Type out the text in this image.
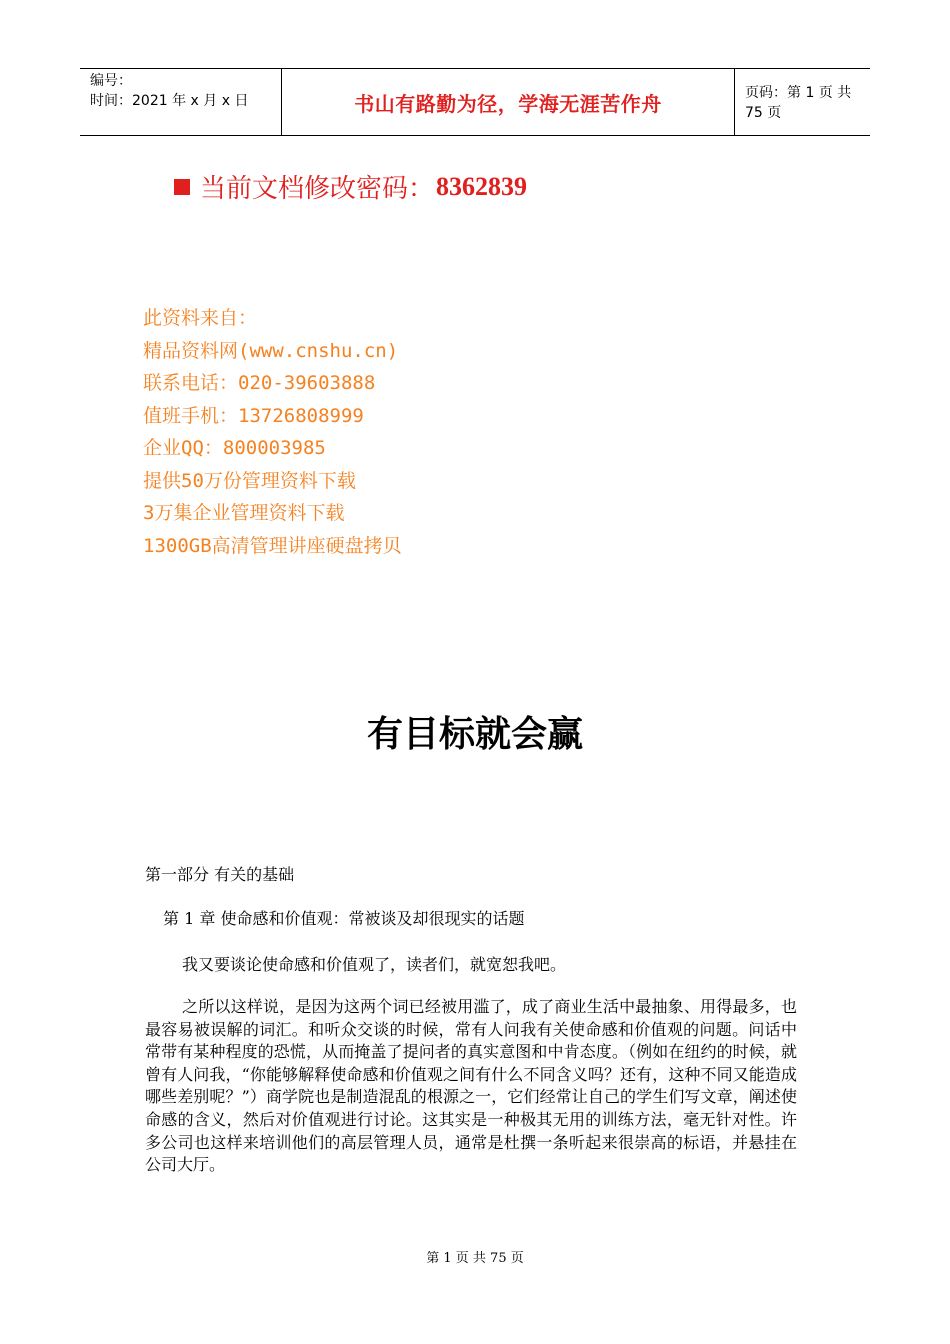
编号：
时间：2021 年 x 月 x 日	书山有路勤为径，学海无涯苦作舟	页码：第 1 页 共 75 页
当前文档修改密码： 8362839
此资料来自：
精品资料网(www.cnshu.cn)
联系电话：020-39603888
值班手机：13726808999
企业QQ：800003985
提供50万份管理资料下载
3万集企业管理资料下载
1300GB高清管理讲座硬盘拷贝
有目标就会赢
第一部分 有关的基础
第 1 章 使命感和价值观：常被谈及却很现实的话题
我又要谈论使命感和价值观了，读者们，就宽恕我吧。
之所以这样说，是因为这两个词已经被用滥了，成了商业生活中最抽象、用得最多，也最容易被误解的词汇。和听众交谈的时候，常有人问我有关使命感和价值观的问题。问话中常带有某种程度的恐慌，从而掩盖了提问者的真实意图和中肯态度。（例如在纽约的时候，就曾有人问我，“你能够解释使命感和价值观之间有什么不同含义吗？还有，这种不同又能造成哪些差别呢？”）商学院也是制造混乱的根源之一，它们经常让自己的学生们写文章，阐述使命感的含义，然后对价值观进行讨论。这其实是一种极其无用的训练方法，毫无针对性。许多公司也这样来培训他们的高层管理人员，通常是杜撰一条听起来很崇高的标语，并悬挂在公司大厅。
第 1 页 共 75 页
